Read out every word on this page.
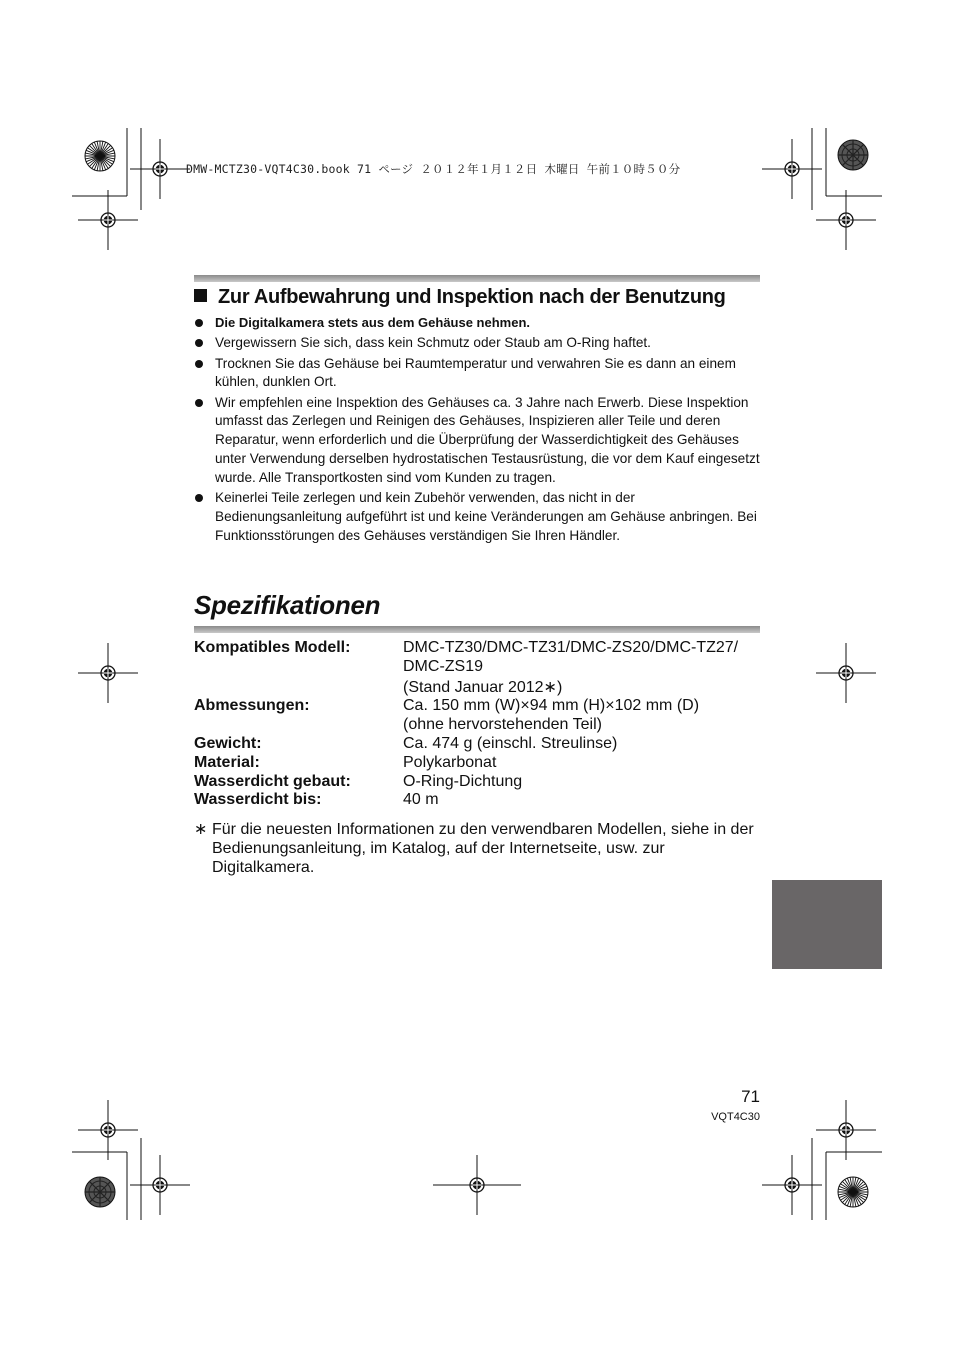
DMW-MCTZ30-VQT4C30.book 71 ページ ２０１２年１月１２日 木曜日 午前１０時５０分
Zur Aufbewahrung und Inspektion nach der Benutzung
Die Digitalkamera stets aus dem Gehäuse nehmen.
Vergewissern Sie sich, dass kein Schmutz oder Staub am O-Ring haftet.
Trocknen Sie das Gehäuse bei Raumtemperatur und verwahren Sie es dann an einem kühlen, dunklen Ort.
Wir empfehlen eine Inspektion des Gehäuses ca. 3 Jahre nach Erwerb. Diese Inspektion umfasst das Zerlegen und Reinigen des Gehäuses, Inspizieren aller Teile und deren Reparatur, wenn erforderlich und die Überprüfung der Wasserdichtigkeit des Gehäuses unter Verwendung derselben hydrostatischen Testausrüstung, die vor dem Kauf eingesetzt wurde. Alle Transportkosten sind vom Kunden zu tragen.
Keinerlei Teile zerlegen und kein Zubehör verwenden, das nicht in der Bedienungsanleitung aufgeführt ist und keine Veränderungen am Gehäuse anbringen. Bei Funktionsstörungen des Gehäuses verständigen Sie Ihren Händler.
Spezifikationen
Kompatibles Modell:	DMC-TZ30/DMC-TZ31/DMC-ZS20/DMC-TZ27/
DMC-ZS19
(Stand Januar 2012∗)
Abmessungen:	Ca. 150 mm (W)×94 mm (H)×102 mm (D)
(ohne hervorstehenden Teil)
Gewicht:	Ca. 474 g (einschl. Streulinse)
Material:	Polykarbonat
Wasserdicht gebaut:	O-Ring-Dichtung
Wasserdicht bis:	40 m
∗ Für die neuesten Informationen zu den verwendbaren Modellen, siehe in der Bedienungsanleitung, im Katalog, auf der Internetseite, usw. zur Digitalkamera.
71
VQT4C30
